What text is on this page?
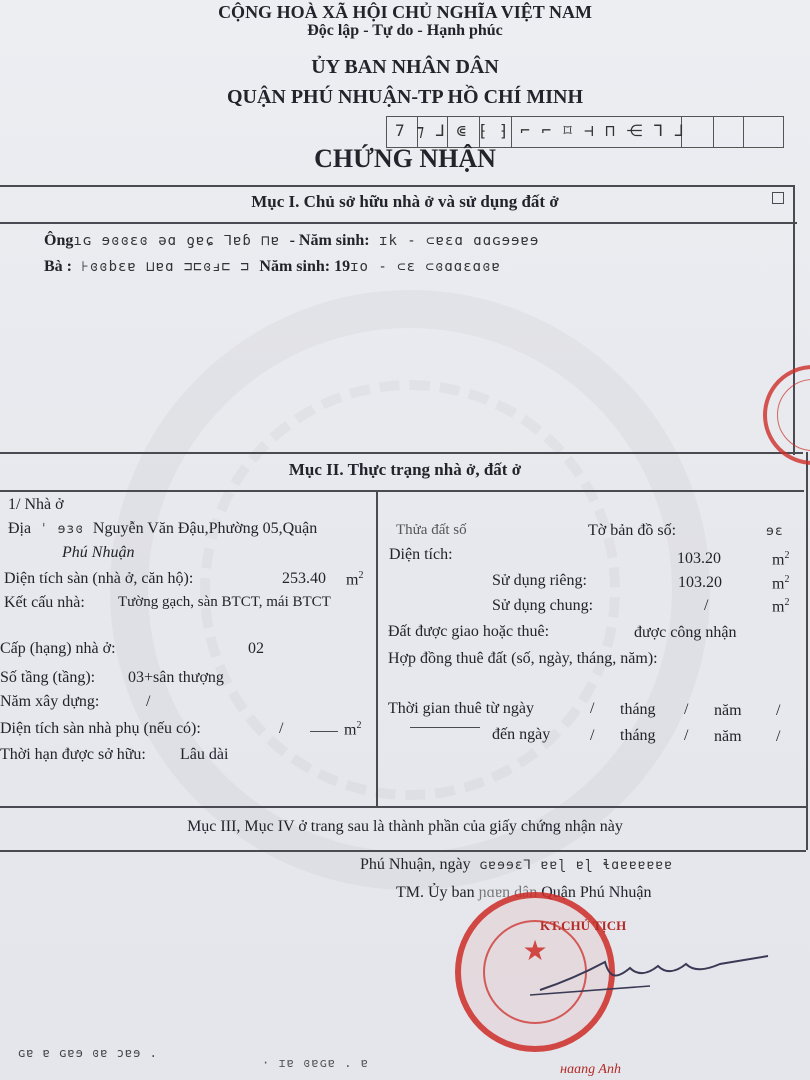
CỘNG HOÀ XÃ HỘI CHỦ NGHĨA VIỆT NAM
Độc lập - Tự do - Hạnh phúc
ỦY BAN NHÂN DÂN
QUẬN PHÚ NHUẬN-TP HỒ CHÍ MINH
7 ⁊ ⅃ ⋐ ⁅ ⁆ ⌐ ⌐ ⌑ ⊣ ⊓ ⋲ ⅂ ⅃
CHỨNG NHẬN
Mục I. Chủ sở hữu nhà ở và sử dụng đất ở
Ôngıɢ ɘɞɞɛɞ ǝɑ ƍɐɕ ⅂ɐɓ ⊓ɐ - Năm sinh: ɪk - ⊂ɐɛɑ ɑɑɢɘɘɐɘ
Bà : ⊦ɞɞbɛɐ ⊔ɐɑ ⊐⊏ɞⅎ⊏ ⊐ Năm sinh: 19ɪo - ⊂ɛ ⊂ɞɑɑɛɑɞɐ
Mục II. Thực trạng nhà ở, đất ở
1/ Nhà ở
Địa ˈ ɘɜɞ Nguyễn Văn Đậu,Phường 05,Quận
Phú Nhuận
Diện tích sàn (nhà ở, căn hộ):	253.40 $m^2$
Kết cấu nhà: Tường gạch, sàn BTCT, mái BTCT
Cấp (hạng) nhà ở:	02
Số tầng (tầng): 03+sân thượng
Năm xây dựng:	/
Diện tích sàn nhà phụ (nếu có):	/	$m^2$
Thời hạn được sở hữu: Lâu dài
Thửa đất số	Tờ bản đồ số:	ɘɛ
Diện tích:	103.20	$m^2$
Sử dụng riêng:	103.20	$m^2$
Sử dụng chung:	/	$m^2$
Đất được giao hoặc thuê:	được công nhận
Hợp đồng thuê đất (số, ngày, tháng, năm):
Thời gian thuê từ ngày	/ tháng / năm /
đến ngày / tháng / năm /
Mục III, Mục IV ở trang sau là thành phần của giấy chứng nhận này
Phú Nhuận, ngày ɢɐɘɘɛ⅂ ɐɐɭ ɐɭ ɬɑɐɐɐɐɐɐ
TM. Ủy ban ɲɑɐn dân Quận Phú Nhuận
★
KT.CHỦ TỊCH
ɢɐ ɐ ɢɐɘ ɞɐ ɔɐɘ .
· ɪɐ ɞɐɢɐ . ɐ	ʜɑɑng Anh
